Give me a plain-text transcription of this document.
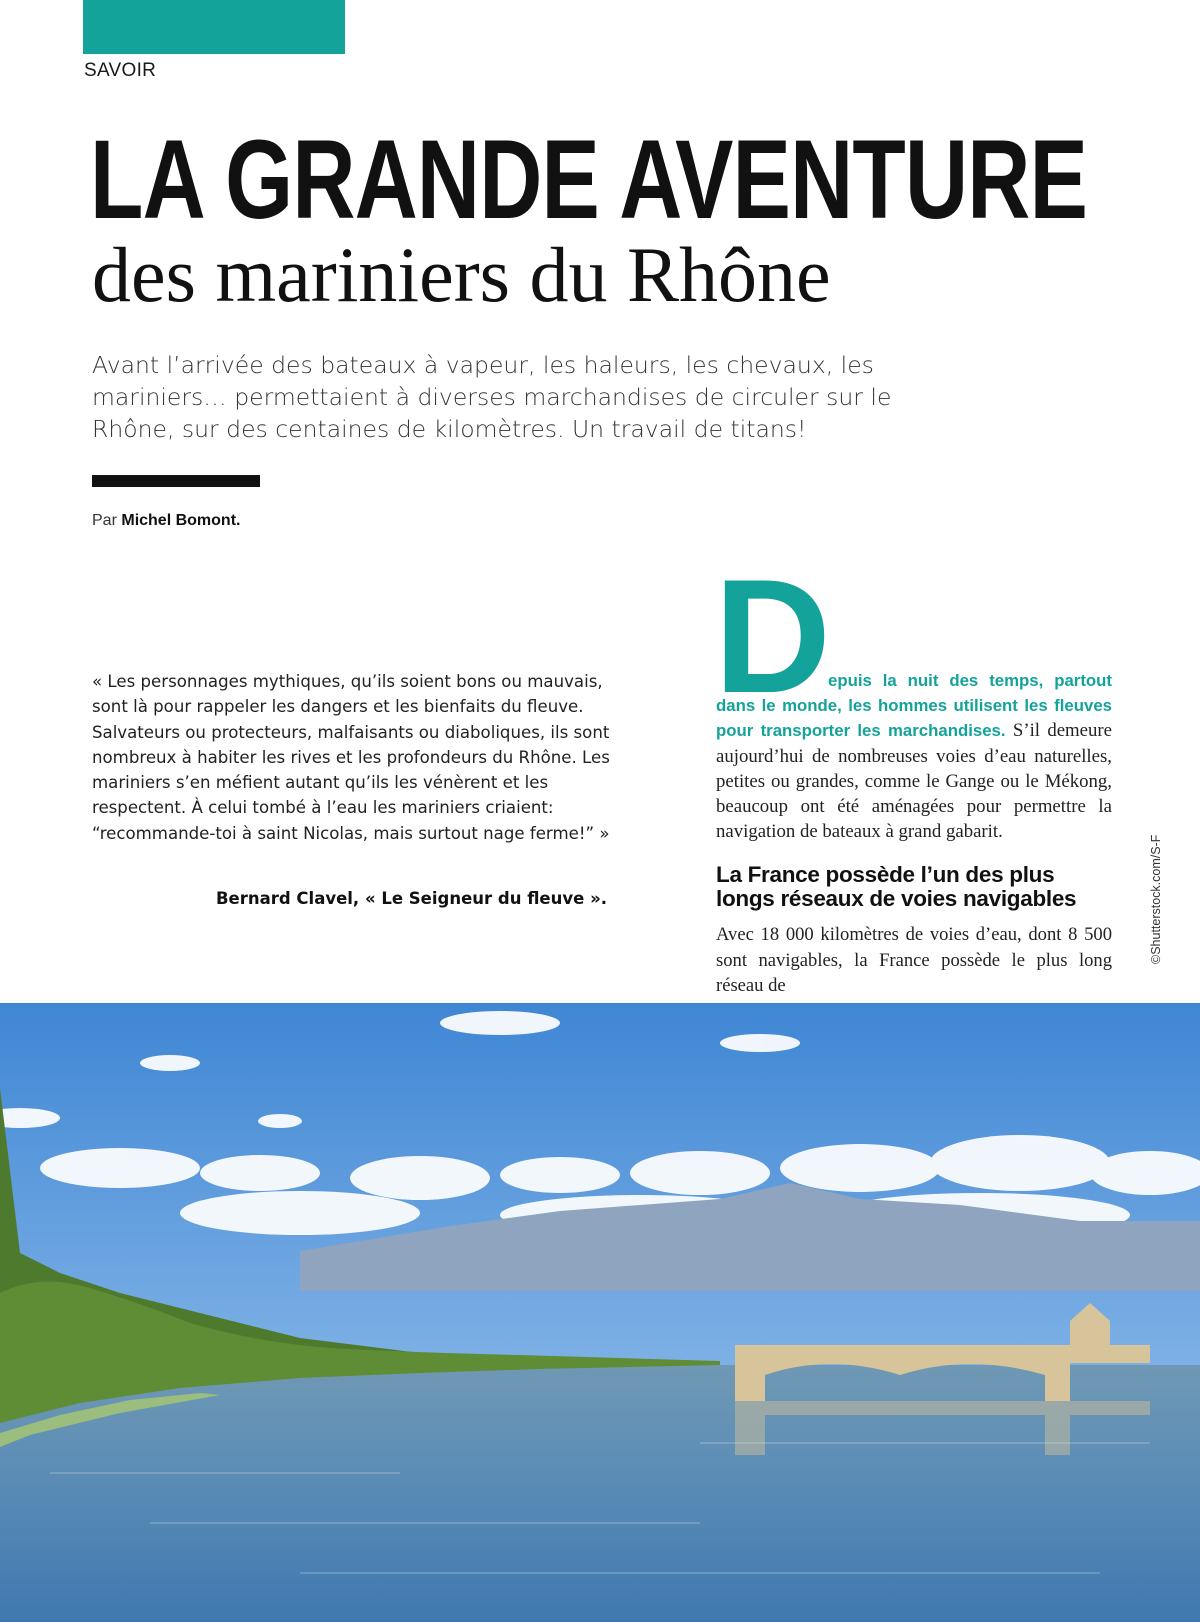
SAVOIR
LA GRANDE AVENTURE
des mariniers du Rhône

Avant l’arrivée des bateaux à vapeur, les haleurs, les chevaux, les mariniers… permettaient à diverses marchandises de circuler sur le Rhône, sur des centaines de kilomètres. Un travail de titans!

Par Michel Bomont.

« Les personnages mythiques, qu’ils soient bons ou mauvais, sont là pour rappeler les dangers et les bienfaits du fleuve. Salvateurs ou protecteurs, malfaisants ou diaboliques, ils sont nombreux à habiter les rives et les profondeurs du Rhône. Les mariniers s’en méfient autant qu’ils les vénèrent et les respectent. À celui tombé à l’eau les mariniers criaient: “recommande-toi à saint Nicolas, mais surtout nage ferme!” »

Bernard Clavel, « Le Seigneur du fleuve ».

D

epuis la nuit des temps, partout dans le monde, les hommes utilisent les fleuves pour transporter les marchandises. S’il demeure aujourd’hui de nombreuses voies d’eau naturelles, petites ou grandes, comme le Gange ou le Mékong, beaucoup ont été aménagées pour permettre la navigation de bateaux à grand gabarit.

La France possède l’un des plus longs réseaux de voies navigables

Avec 18 000 kilomètres de voies d’eau, dont 8 500 sont navigables, la France possède le plus long réseau de

©Shutterstock.com/S-F
